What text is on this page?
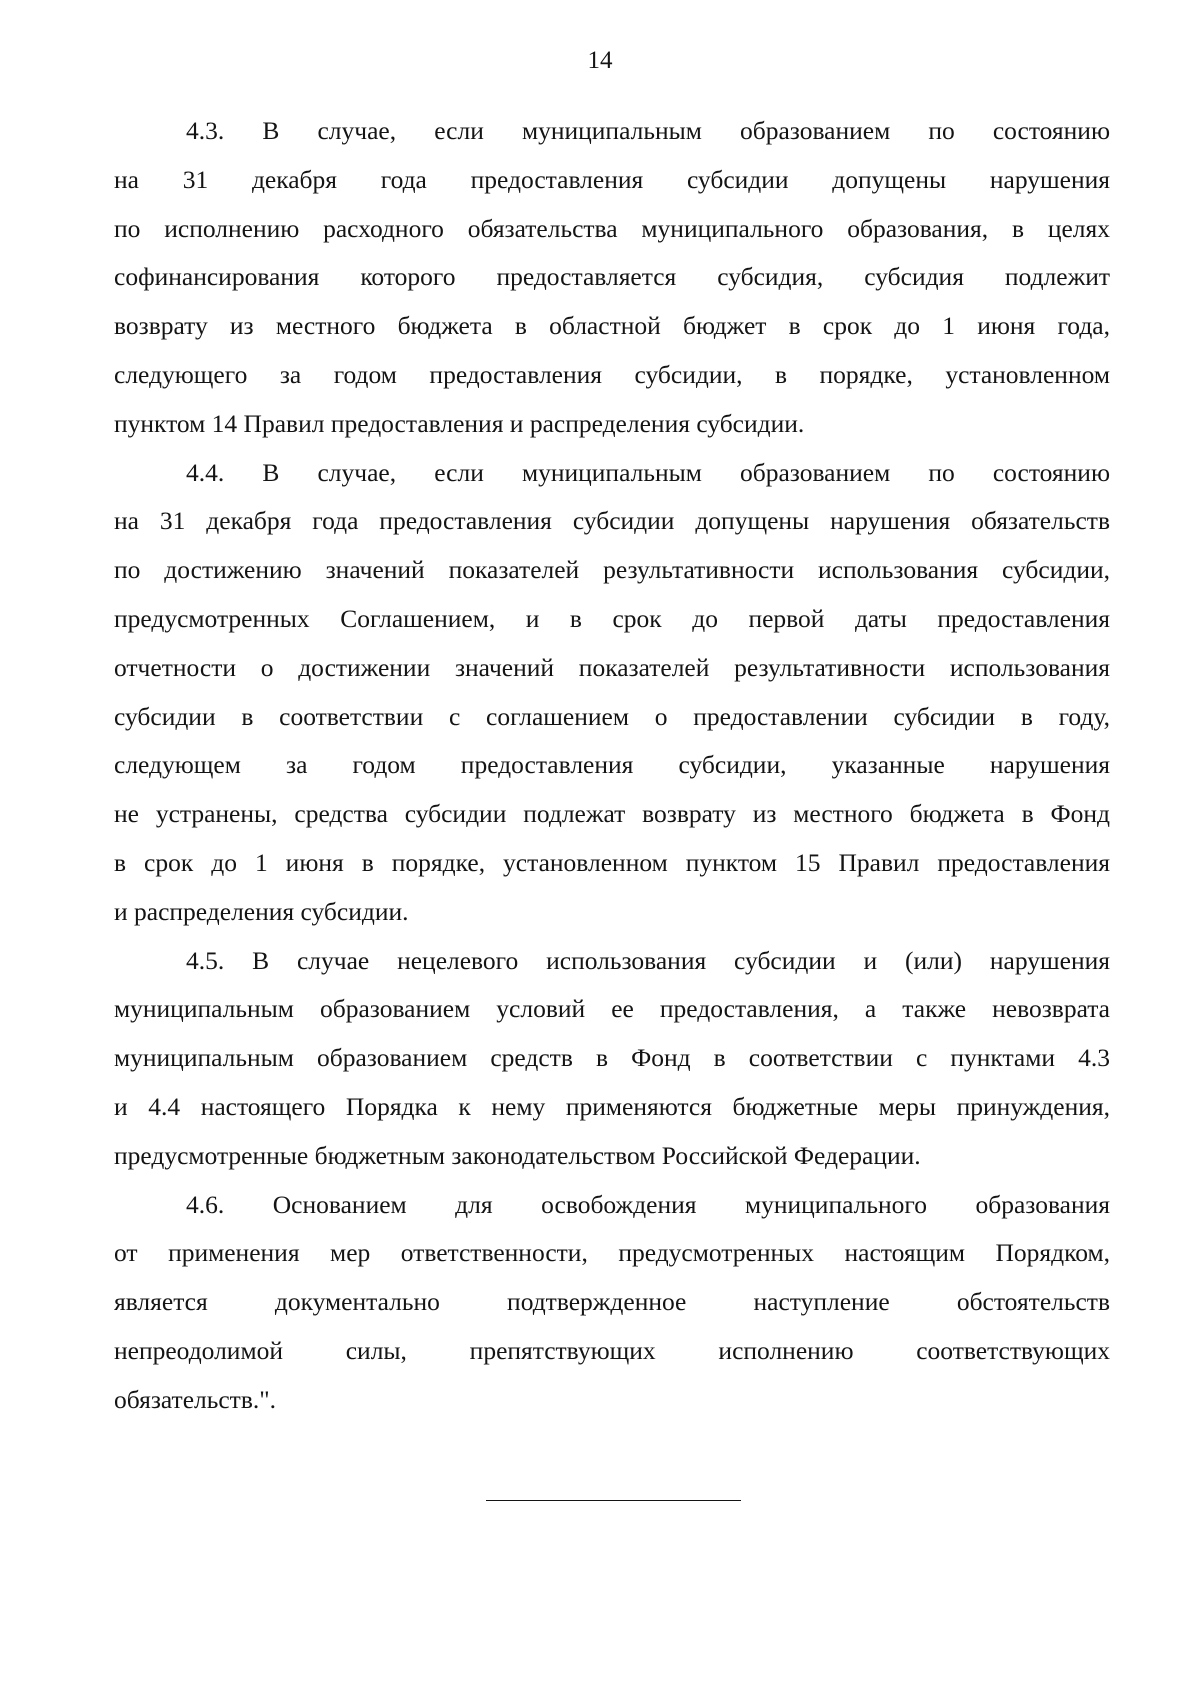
14

4.3. В случае, если муниципальным образованием по состоянию
на 31 декабря года предоставления субсидии допущены нарушения
по исполнению расходного обязательства муниципального образования, в целях
софинансирования которого предоставляется субсидия, субсидия подлежит
возврату из местного бюджета в областной бюджет в срок до 1 июня года,
следующего за годом предоставления субсидии, в порядке, установленном
пунктом 14 Правил предоставления и распределения субсидии.

4.4. В случае, если муниципальным образованием по состоянию
на 31 декабря года предоставления субсидии допущены нарушения обязательств
по достижению значений показателей результативности использования субсидии,
предусмотренных Соглашением, и в срок до первой даты предоставления
отчетности о достижении значений показателей результативности использования
субсидии в соответствии с соглашением о предоставлении субсидии в году,
следующем за годом предоставления субсидии, указанные нарушения
не устранены, средства субсидии подлежат возврату из местного бюджета в Фонд
в срок до 1 июня в порядке, установленном пунктом 15 Правил предоставления
и распределения субсидии.

4.5. В случае нецелевого использования субсидии и (или) нарушения
муниципальным образованием условий ее предоставления, а также невозврата
муниципальным образованием средств в Фонд в соответствии с пунктами 4.3
и 4.4 настоящего Порядка к нему применяются бюджетные меры принуждения,
предусмотренные бюджетным законодательством Российской Федерации.

4.6. Основанием для освобождения муниципального образования
от применения мер ответственности, предусмотренных настоящим Порядком,
является документально подтвержденное наступление обстоятельств
непреодолимой силы, препятствующих исполнению соответствующих
обязательств.".
